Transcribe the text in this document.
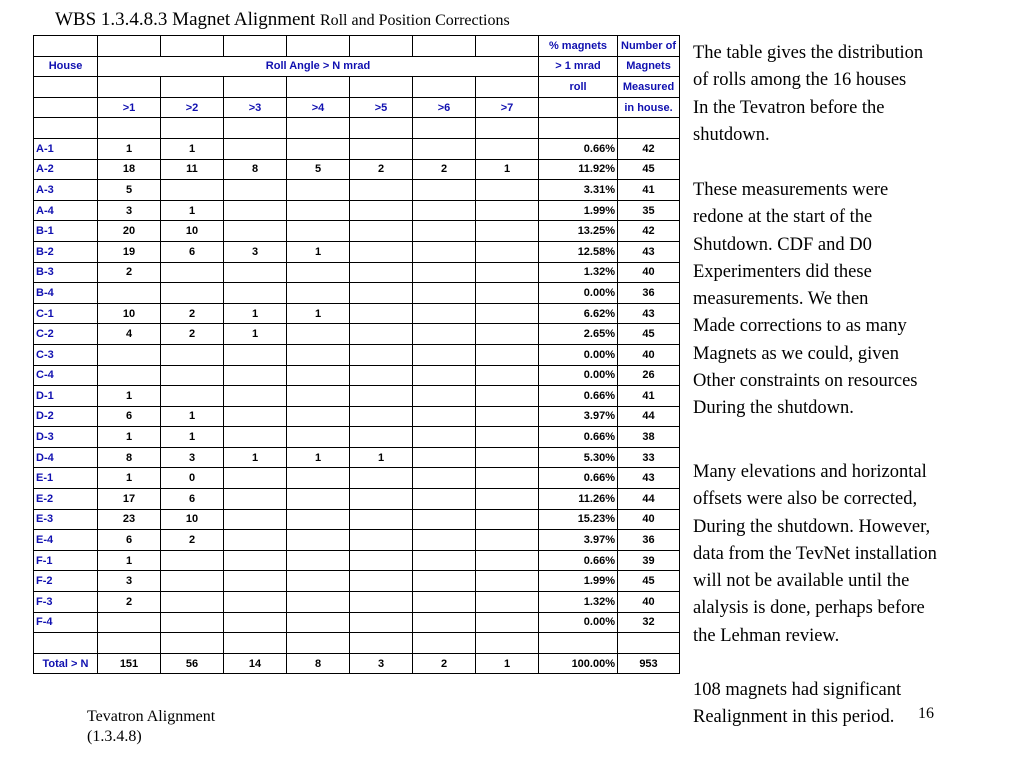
WBS 1.3.4.8.3 Magnet Alignment Roll and Position Corrections
								% magnets	Number of
House	Roll Angle > N mrad							> 1 mrad	Magnets
								roll	Measured
	>1	>2	>3	>4	>5	>6	>7		in house.

A-1	1	1						0.66%	42
A-2	18	11	8	5	2	2	1	11.92%	45
A-3	5							3.31%	41
A-4	3	1						1.99%	35
B-1	20	10						13.25%	42
B-2	19	6	3	1				12.58%	43
B-3	2							1.32%	40
B-4								0.00%	36
C-1	10	2	1	1				6.62%	43
C-2	4	2	1					2.65%	45
C-3								0.00%	40
C-4								0.00%	26
D-1	1							0.66%	41
D-2	6	1						3.97%	44
D-3	1	1						0.66%	38
D-4	8	3	1	1	1			5.30%	33
E-1	1	0						0.66%	43
E-2	17	6						11.26%	44
E-3	23	10						15.23%	40
E-4	6	2						3.97%	36
F-1	1							0.66%	39
F-2	3							1.99%	45
F-3	2							1.32%	40
F-4								0.00%	32

Total > N	151	56	14	8	3	2	1	100.00%	953

The table gives the distribution

of rolls among the 16 houses

In the Tevatron before the

shutdown.

These measurements were

redone at the start of the

Shutdown. CDF and D0

Experimenters did these

measurements. We then

Made corrections to as many

Magnets as we could, given

Other constraints on resources

During the shutdown.

Many elevations and horizontal

offsets were also be corrected,

During the shutdown. However,

data from the TevNet installation

will not be available until the

alalysis is done, perhaps before

the Lehman review.

108 magnets had significant

Realignment in this period.

Tevatron Alignment
(1.3.4.8)
16
